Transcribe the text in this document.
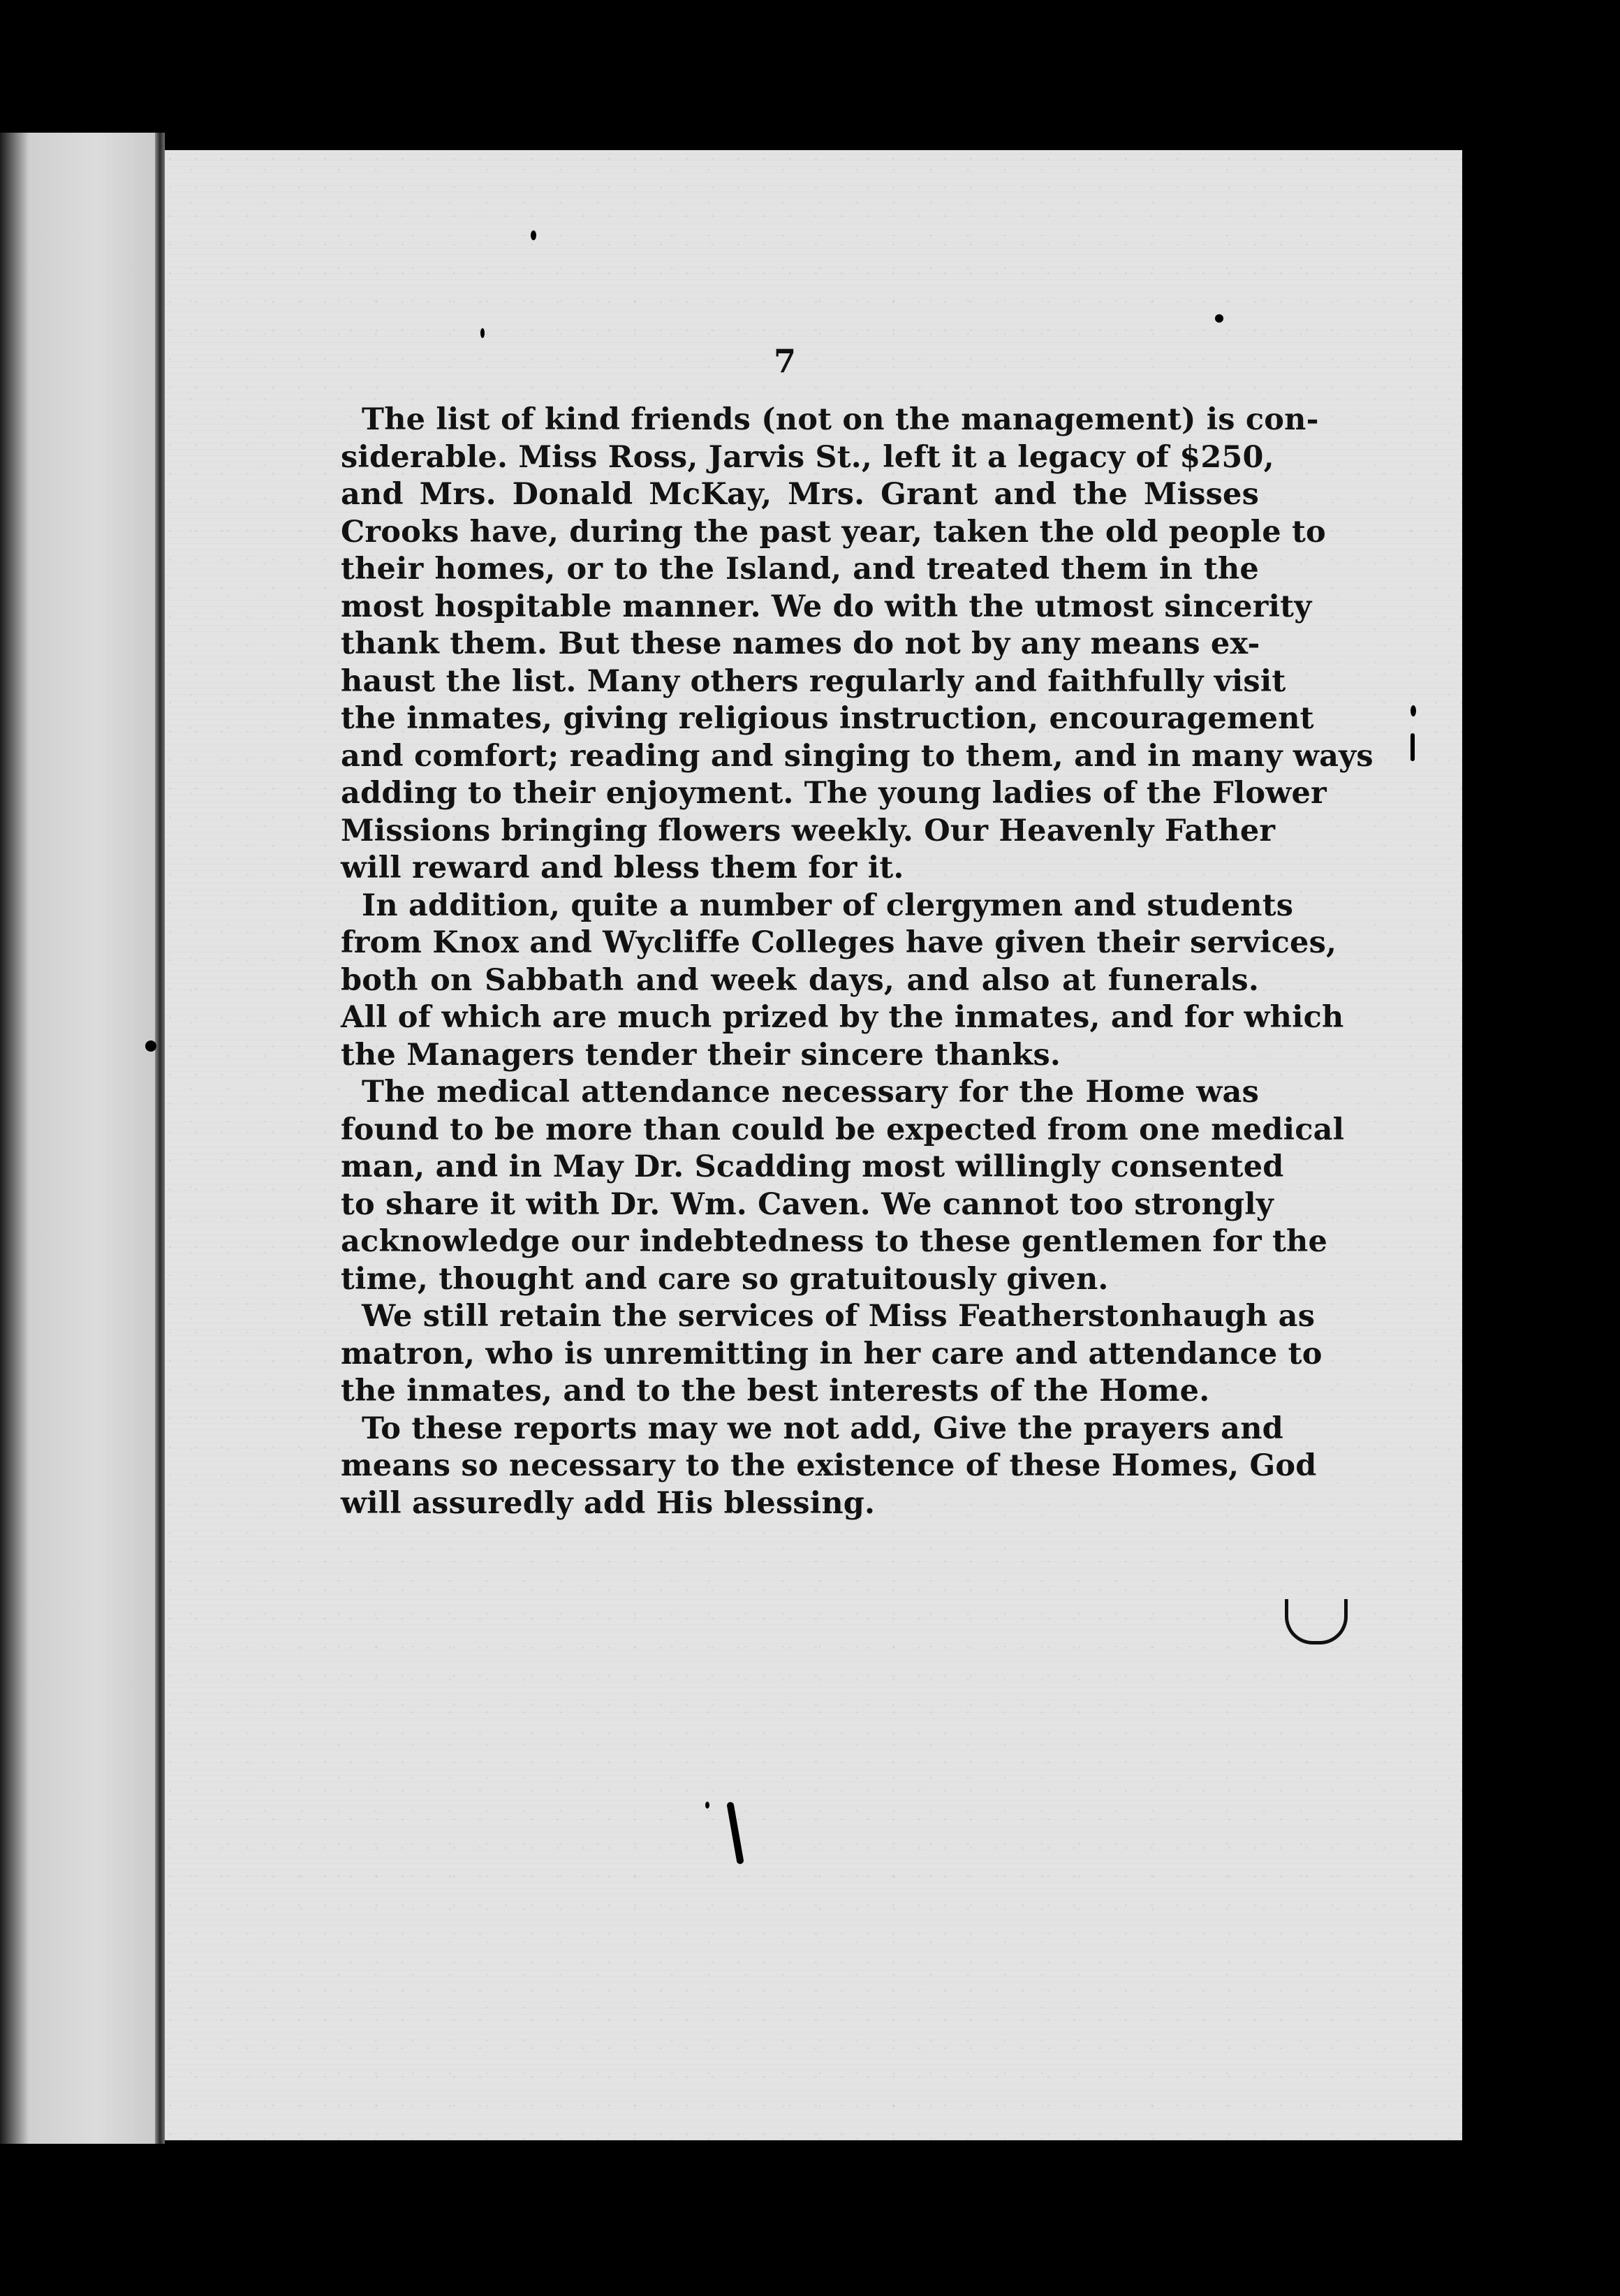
7
The list of kind friends (not on the management) is con-
siderable. Miss Ross, Jarvis St., left it a legacy of $250,
and Mrs. Donald McKay, Mrs. Grant and the Misses
Crooks have, during the past year, taken the old people to
their homes, or to the Island, and treated them in the
most hospitable manner. We do with the utmost sincerity
thank them. But these names do not by any means ex-
haust the list. Many others regularly and faithfully visit
the inmates, giving religious instruction, encouragement
and comfort; reading and singing to them, and in many ways
adding to their enjoyment. The young ladies of the Flower
Missions bringing flowers weekly. Our Heavenly Father
will reward and bless them for it.
In addition, quite a number of clergymen and students
from Knox and Wycliffe Colleges have given their services,
both on Sabbath and week days, and also at funerals.
All of which are much prized by the inmates, and for which
the Managers tender their sincere thanks.
The medical attendance necessary for the Home was
found to be more than could be expected from one medical
man, and in May Dr. Scadding most willingly consented
to share it with Dr. Wm. Caven. We cannot too strongly
acknowledge our indebtedness to these gentlemen for the
time, thought and care so gratuitously given.
We still retain the services of Miss Featherstonhaugh as
matron, who is unremitting in her care and attendance to
the inmates, and to the best interests of the Home.
To these reports may we not add, Give the prayers and
means so necessary to the existence of these Homes, God
will assuredly add His blessing.
